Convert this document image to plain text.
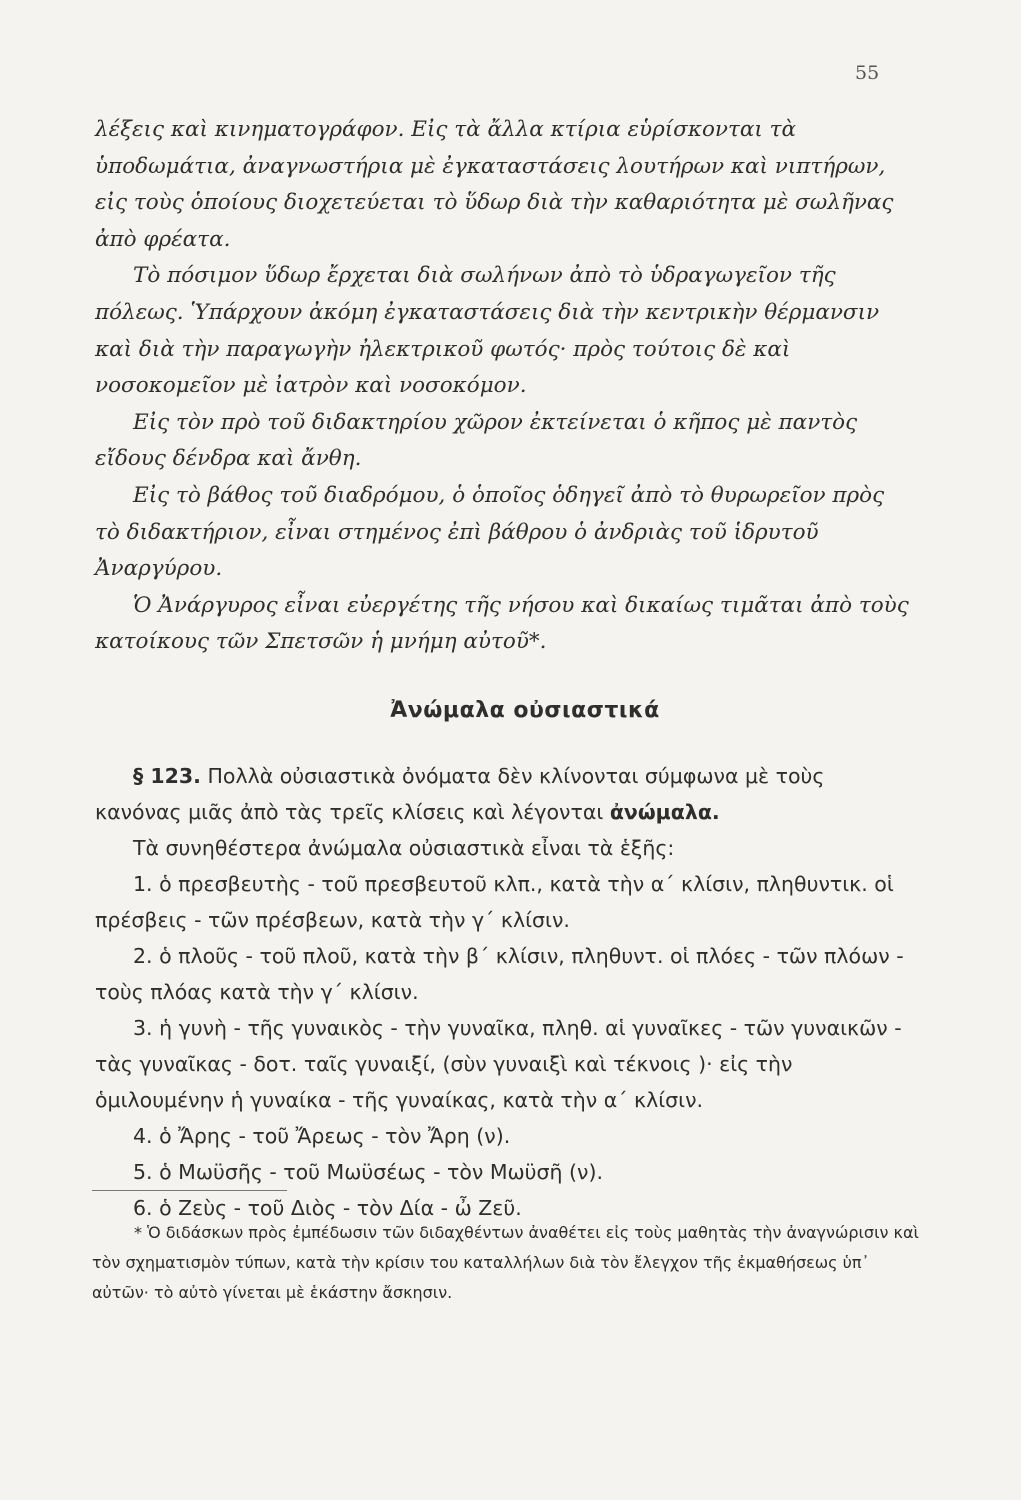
55

λέξεις καὶ κινηματογράφον. Εἰς τὰ ἄλλα κτίρια εὑρίσκονται τὰ ὑποδωμάτια, ἀναγνωστήρια μὲ ἐγκαταστάσεις λουτήρων καὶ νιπτήρων, εἰς τοὺς ὁποίους διοχετεύεται τὸ ὕδωρ διὰ τὴν καθαριότητα μὲ σωλῆνας ἀπὸ φρέατα.

Τὸ πόσιμον ὕδωρ ἔρχεται διὰ σωλήνων ἀπὸ τὸ ὑδραγωγεῖον τῆς πόλεως. Ὑπάρχουν ἀκόμη ἐγκαταστάσεις διὰ τὴν κεντρικὴν θέρμανσιν καὶ διὰ τὴν παραγωγὴν ἠλεκτρικοῦ φωτός· πρὸς τούτοις δὲ καὶ νοσοκομεῖον μὲ ἰατρὸν καὶ νοσοκόμον.

Εἰς τὸν πρὸ τοῦ διδακτηρίου χῶρον ἐκτείνεται ὁ κῆπος μὲ παντὸς εἴδους δένδρα καὶ ἄνθη.

Εἰς τὸ βάθος τοῦ διαδρόμου, ὁ ὁποῖος ὁδηγεῖ ἀπὸ τὸ θυρωρεῖον πρὸς τὸ διδακτήριον, εἶναι στημένος ἐπὶ βάθρου ὁ ἀνδριὰς τοῦ ἱδρυτοῦ Ἀναργύρου.

Ὁ Ἀνάργυρος εἶναι εὐεργέτης τῆς νήσου καὶ δικαίως τιμᾶται ἀπὸ τοὺς κατοίκους τῶν Σπετσῶν ἡ μνήμη αὐτοῦ*.

Ἀνώμαλα οὐσιαστικά

§ 123. Πολλὰ οὐσιαστικὰ ὀνόματα δὲν κλίνονται σύμφωνα μὲ τοὺς κανόνας μιᾶς ἀπὸ τὰς τρεῖς κλίσεις καὶ λέγονται ἀνώμαλα.

Τὰ συνηθέστερα ἀνώμαλα οὐσιαστικὰ εἶναι τὰ ἑξῆς:

1. ὁ πρεσβευτὴς - τοῦ πρεσβευτοῦ κλπ., κατὰ τὴν α´ κλίσιν, πληθυντικ. οἱ πρέσβεις - τῶν πρέσβεων, κατὰ τὴν γ´ κλίσιν.

2. ὁ πλοῦς - τοῦ πλοῦ, κατὰ τὴν β´ κλίσιν, πληθυντ. οἱ πλόες - τῶν πλόων - τοὺς πλόας κατὰ τὴν γ´ κλίσιν.

3. ἡ γυνὴ - τῆς γυναικὸς - τὴν γυναῖκα, πληθ. αἱ γυναῖκες - τῶν γυναικῶν - τὰς γυναῖκας - δοτ. ταῖς γυναιξί, (σὺν γυναιξὶ καὶ τέκνοις )· εἰς τὴν ὁμιλουμένην ἡ γυναίκα - τῆς γυναίκας, κατὰ τὴν α´ κλίσιν.

4. ὁ Ἄρης - τοῦ Ἄρεως - τὸν Ἄρη (ν).

5. ὁ Μωϋσῆς - τοῦ Μωϋσέως - τὸν Μωϋσῆ (ν).

6. ὁ Ζεὺς - τοῦ Διὸς - τὸν Δία - ὦ Ζεῦ.

* Ὁ διδάσκων πρὸς ἐμπέδωσιν τῶν διδαχθέντων ἀναθέτει εἰς τοὺς μαθητὰς τὴν ἀναγνώρισιν καὶ τὸν σχηματισμὸν τύπων, κατὰ τὴν κρίσιν του καταλλήλων διὰ τὸν ἔλεγχον τῆς ἐκμαθήσεως ὑπ᾽ αὐτῶν· τὸ αὐτὸ γίνεται μὲ ἑκάστην ἄσκησιν.
